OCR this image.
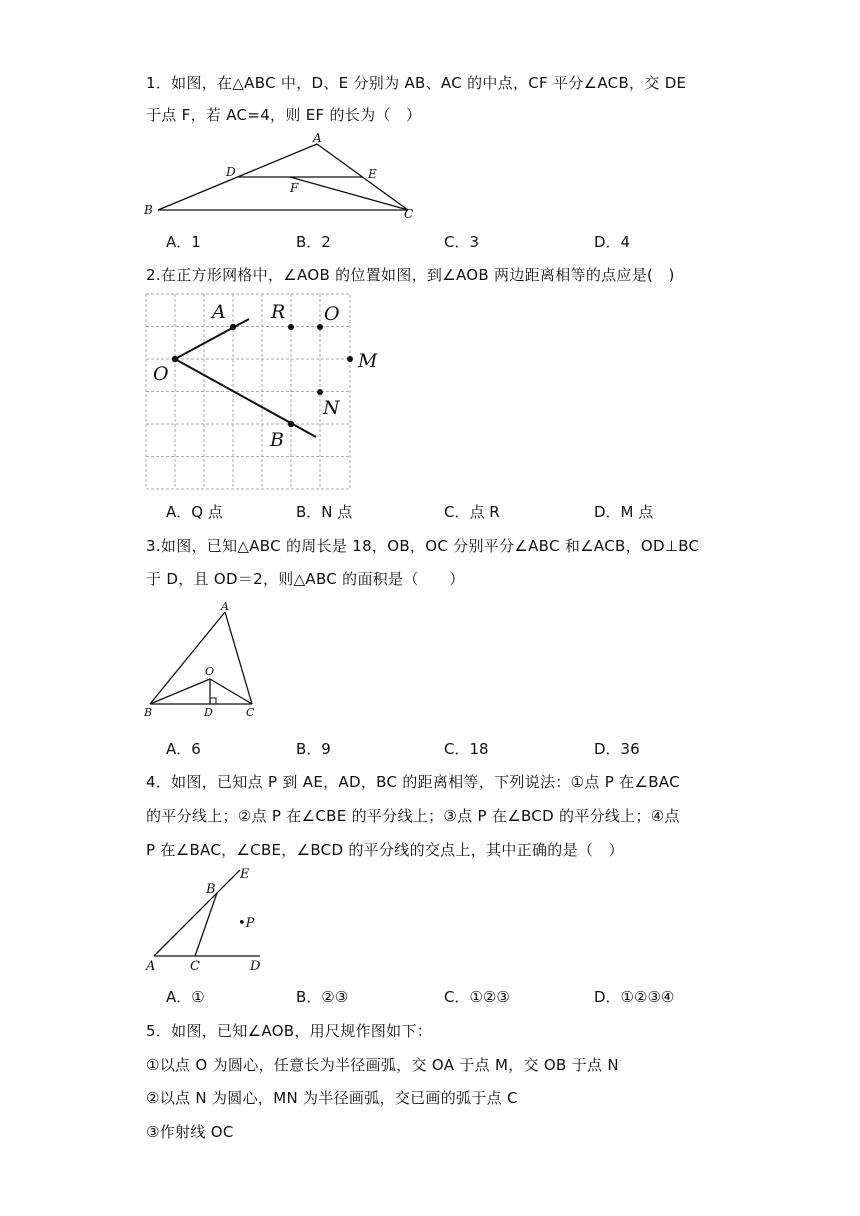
1．如图，在△ABC 中，D、E 分别为 AB、AC 的中点，CF 平分∠ACB，交 DE
于点 F，若 AC=4，则 EF 的长为（　）
A
B	C
D	E
F
A．1	B．2	C．3	D．4
2.在正方形网格中，∠AOB 的位置如图，到∠AOB 两边距离相等的点应是(　)
A R O
M
O
N
B
A．Q 点	B．N 点	C．点 R	D．M 点
3.如图，已知△ABC 的周长是 18，OB，OC 分别平分∠ABC 和∠ACB，OD⊥BC
于 D，且 OD＝2，则△ABC 的面积是（　　）
A
B	C
D
O
A．6	B．9	C．18	D．36
4．如图，已知点 P 到 AE，AD，BC 的距离相等，下列说法：①点 P 在∠BAC
的平分线上；②点 P 在∠CBE 的平分线上；③点 P 在∠BCD 的平分线上；④点
P 在∠BAC，∠CBE，∠BCD 的平分线的交点上，其中正确的是（　）
A
B
C	D
E
•P
A．①	B．②③	C．①②③	D．①②③④
5．如图，已知∠AOB，用尺规作图如下：
①以点 O 为圆心，任意长为半径画弧，交 OA 于点 M，交 OB 于点 N
②以点 N 为圆心，MN 为半径画弧，交已画的弧于点 C
③作射线 OC
